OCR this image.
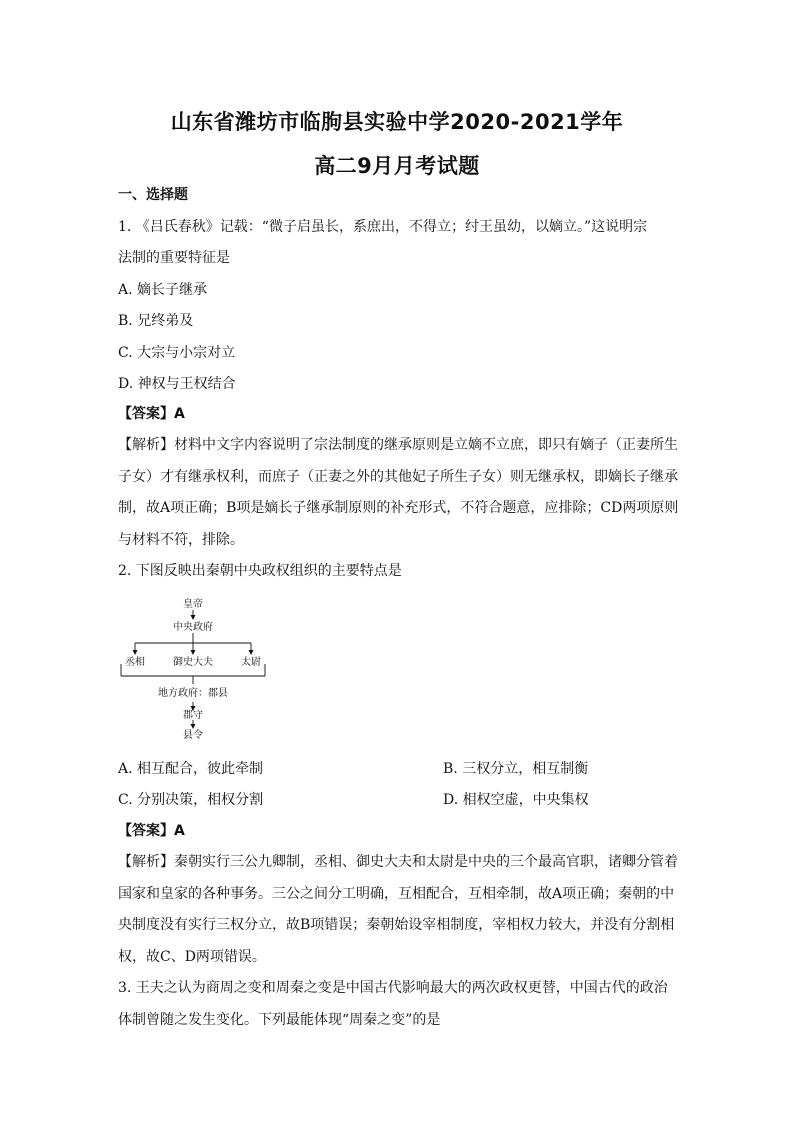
山东省潍坊市临朐县实验中学2020-2021学年
高二9月月考试题
一、选择题
1. 《吕氏春秋》记载：“微子启虽长，系庶出，不得立；纣王虽幼，以嫡立。”这说明宗
法制的重要特征是
A. 嫡长子继承
B. 兄终弟及
C. 大宗与小宗对立
D. 神权与王权结合
【答案】A
【解析】材料中文字内容说明了宗法制度的继承原则是立嫡不立庶，即只有嫡子（正妻所生
子女）才有继承权利，而庶子（正妻之外的其他妃子所生子女）则无继承权，即嫡长子继承
制，故A项正确；B项是嫡长子继承制原则的补充形式，不符合题意，应排除；CD两项原则
与材料不符，排除。
2. 下图反映出秦朝中央政权组织的主要特点是
皇帝
中央政府
丞相	御史大夫	太尉
地方政府：郡县
郡守
县令
A. 相互配合，彼此牵制	B. 三权分立，相互制衡
C. 分别决策，相权分割	D. 相权空虚，中央集权
【答案】A
【解析】秦朝实行三公九卿制，丞相、御史大夫和太尉是中央的三个最高官职，诸卿分管着
国家和皇家的各种事务。三公之间分工明确，互相配合，互相牵制，故A项正确；秦朝的中
央制度没有实行三权分立，故B项错误；秦朝始设宰相制度，宰相权力较大，并没有分割相
权，故C、D两项错误。
3. 王夫之认为商周之变和周秦之变是中国古代影响最大的两次政权更替，中国古代的政治
体制曾随之发生变化。下列最能体现“周秦之变”的是
